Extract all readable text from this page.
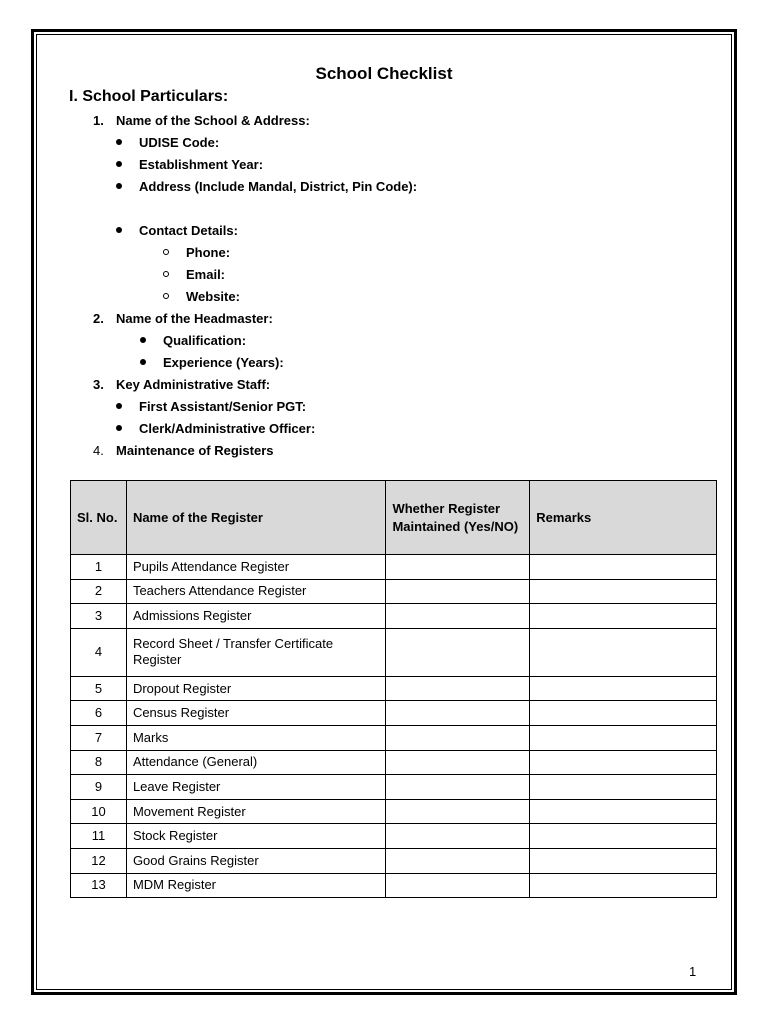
School Checklist
I. School Particulars:
1. Name of the School & Address:
UDISE Code:
Establishment Year:
Address (Include Mandal, District, Pin Code):
Contact Details:
Phone:
Email:
Website:
2. Name of the Headmaster:
Qualification:
Experience (Years):
3. Key Administrative Staff:
First Assistant/Senior PGT:
Clerk/Administrative Officer:
4. Maintenance of Registers
Sl. No.	Name of the Register	Whether Register Maintained (Yes/NO)	Remarks
1	Pupils Attendance Register		
2	Teachers Attendance Register		
3	Admissions Register		
4	Record Sheet / Transfer Certificate Register		
5	Dropout Register		
6	Census Register		
7	Marks		
8	Attendance (General)		
9	Leave Register		
10	Movement Register		
11	Stock Register		
12	Good Grains Register		
13	MDM Register		
1
